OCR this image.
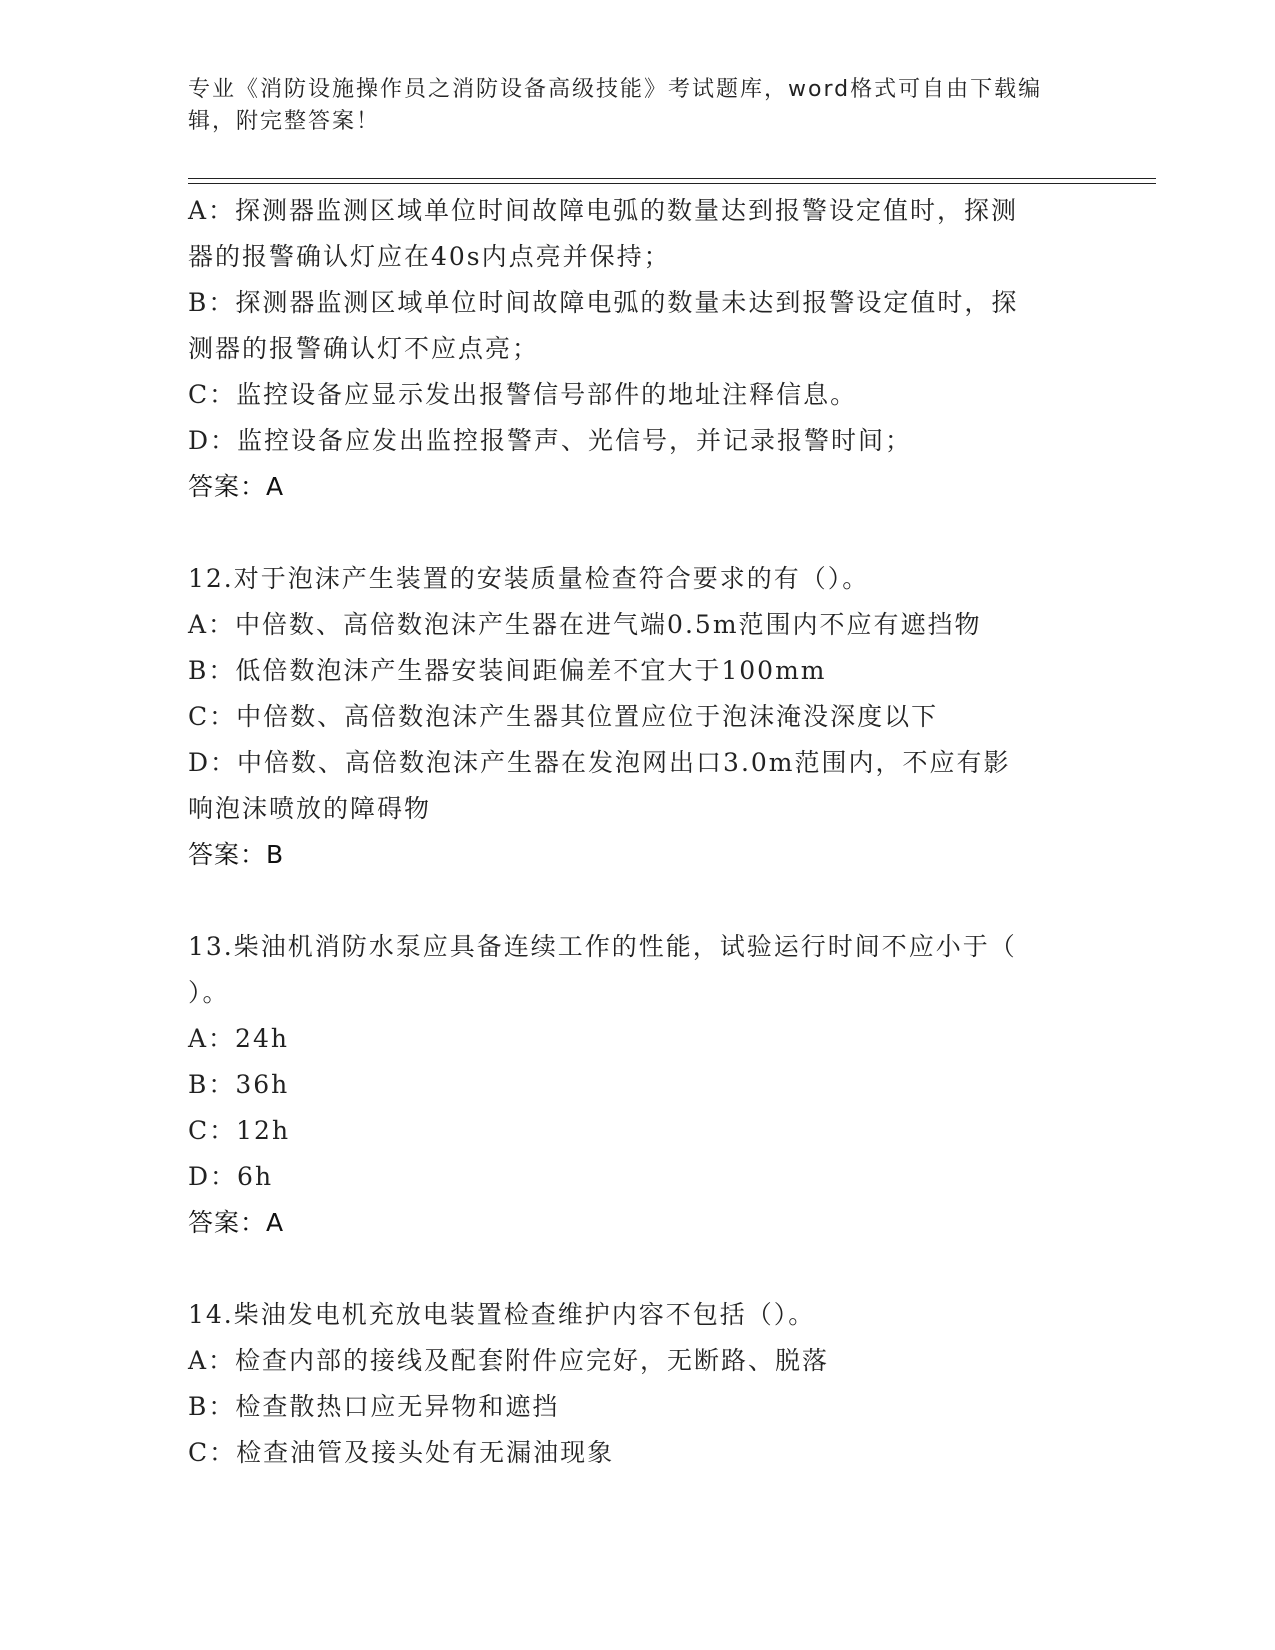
专业《消防设施操作员之消防设备高级技能》考试题库，word格式可自由下载编
辑，附完整答案！
A：探测器监测区域单位时间故障电弧的数量达到报警设定值时，探测
器的报警确认灯应在40s内点亮并保持；
B：探测器监测区域单位时间故障电弧的数量未达到报警设定值时，探
测器的报警确认灯不应点亮；
C：监控设备应显示发出报警信号部件的地址注释信息。
D：监控设备应发出监控报警声、光信号，并记录报警时间；
答案：A
12.对于泡沫产生装置的安装质量检查符合要求的有（）。
A：中倍数、高倍数泡沫产生器在进气端0.5m范围内不应有遮挡物
B：低倍数泡沫产生器安装间距偏差不宜大于100mm
C：中倍数、高倍数泡沫产生器其位置应位于泡沫淹没深度以下
D：中倍数、高倍数泡沫产生器在发泡网出口3.0m范围内，不应有影
响泡沫喷放的障碍物
答案：B
13.柴油机消防水泵应具备连续工作的性能，试验运行时间不应小于（
）。
A：24h
B：36h
C：12h
D：6h
答案：A
14.柴油发电机充放电装置检查维护内容不包括（）。
A：检查内部的接线及配套附件应完好，无断路、脱落
B：检查散热口应无异物和遮挡
C：检查油管及接头处有无漏油现象
